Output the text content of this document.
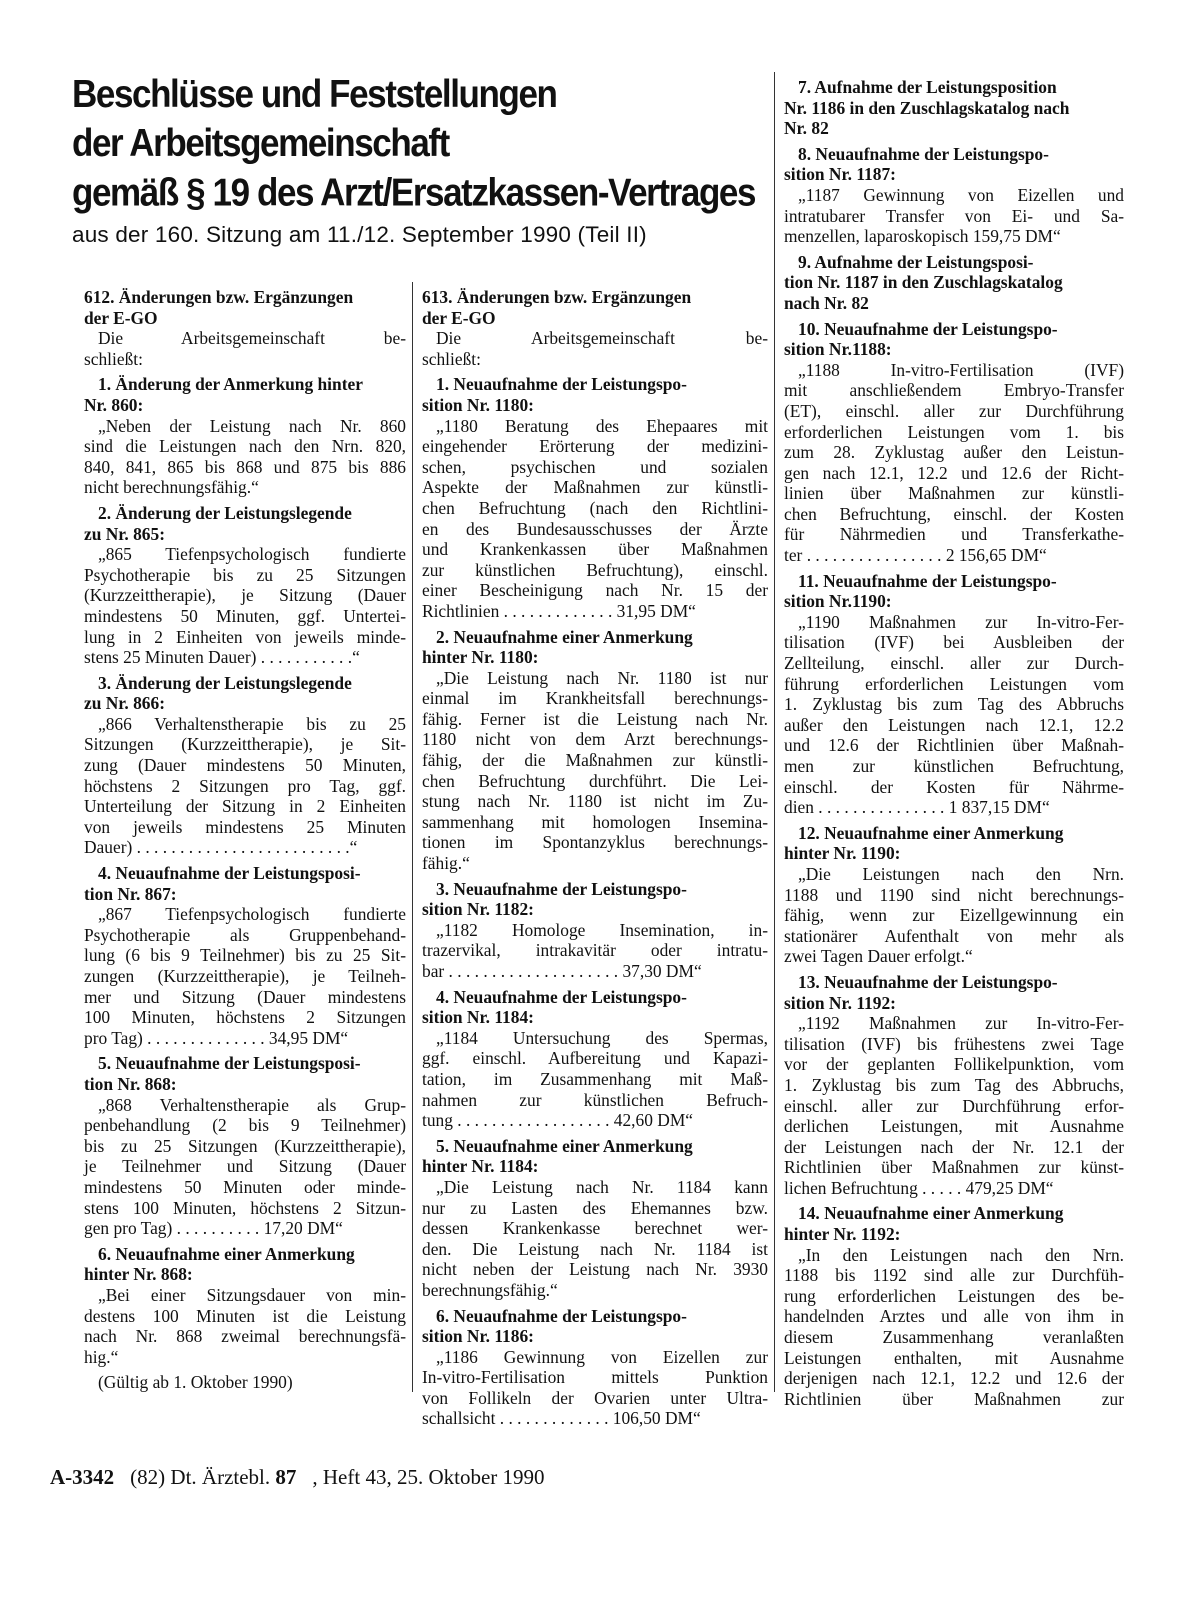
Beschlüsse und Feststellungen
der Arbeitsgemeinschaft
gemäß § 19 des Arzt/Ersatzkassen-Vertrages
aus der 160. Sitzung am 11./12. September 1990 (Teil II)
612. Änderungen bzw. Ergänzungen
der E-GO
Die Arbeitsgemeinschaft be-
schließt:
1. Änderung der Anmerkung hinter
Nr. 860:
„Neben der Leistung nach Nr. 860
sind die Leistungen nach den Nrn. 820,
840, 841, 865 bis 868 und 875 bis 886
nicht berechnungsfähig.“
2. Änderung der Leistungslegende
zu Nr. 865:
„865 Tiefenpsychologisch fundierte
Psychotherapie bis zu 25 Sitzungen
(Kurzzeittherapie), je Sitzung (Dauer
mindestens 50 Minuten, ggf. Untertei-
lung in 2 Einheiten von jeweils minde-
stens 25 Minuten Dauer) . . . . . . . . . . .“
3. Änderung der Leistungslegende
zu Nr. 866:
„866 Verhaltenstherapie bis zu 25
Sitzungen (Kurzzeittherapie), je Sit-
zung (Dauer mindestens 50 Minuten,
höchstens 2 Sitzungen pro Tag, ggf.
Unterteilung der Sitzung in 2 Einheiten
von jeweils mindestens 25 Minuten
Dauer) . . . . . . . . . . . . . . . . . . . . . . . . .“
4. Neuaufnahme der Leistungsposi-
tion Nr. 867:
„867 Tiefenpsychologisch fundierte
Psychotherapie als Gruppenbehand-
lung (6 bis 9 Teilnehmer) bis zu 25 Sit-
zungen (Kurzzeittherapie), je Teilneh-
mer und Sitzung (Dauer mindestens
100 Minuten, höchstens 2 Sitzungen
pro Tag) . . . . . . . . . . . . . . 34,95 DM“
5. Neuaufnahme der Leistungsposi-
tion Nr. 868:
„868 Verhaltenstherapie als Grup-
penbehandlung (2 bis 9 Teilnehmer)
bis zu 25 Sitzungen (Kurzzeittherapie),
je Teilnehmer und Sitzung (Dauer
mindestens 50 Minuten oder minde-
stens 100 Minuten, höchstens 2 Sitzun-
gen pro Tag) . . . . . . . . . . 17,20 DM“
6. Neuaufnahme einer Anmerkung
hinter Nr. 868:
„Bei einer Sitzungsdauer von min-
destens 100 Minuten ist die Leistung
nach Nr. 868 zweimal berechnungsfä-
hig.“
(Gültig ab 1. Oktober 1990)
613. Änderungen bzw. Ergänzungen
der E-GO
Die Arbeitsgemeinschaft be-
schließt:
1. Neuaufnahme der Leistungspo-
sition Nr. 1180:
„1180 Beratung des Ehepaares mit
eingehender Erörterung der medizini-
schen, psychischen und sozialen
Aspekte der Maßnahmen zur künstli-
chen Befruchtung (nach den Richtlini-
en des Bundesausschusses der Ärzte
und Krankenkassen über Maßnahmen
zur künstlichen Befruchtung), einschl.
einer Bescheinigung nach Nr. 15 der
Richtlinien . . . . . . . . . . . . . 31,95 DM“
2. Neuaufnahme einer Anmerkung
hinter Nr. 1180:
„Die Leistung nach Nr. 1180 ist nur
einmal im Krankheitsfall berechnungs-
fähig. Ferner ist die Leistung nach Nr.
1180 nicht von dem Arzt berechnungs-
fähig, der die Maßnahmen zur künstli-
chen Befruchtung durchführt. Die Lei-
stung nach Nr. 1180 ist nicht im Zu-
sammenhang mit homologen Insemina-
tionen im Spontanzyklus berechnungs-
fähig.“
3. Neuaufnahme der Leistungspo-
sition Nr. 1182:
„1182 Homologe Insemination, in-
trazervikal, intrakavitär oder intratu-
bar . . . . . . . . . . . . . . . . . . . . 37,30 DM“
4. Neuaufnahme der Leistungspo-
sition Nr. 1184:
„1184 Untersuchung des Spermas,
ggf. einschl. Aufbereitung und Kapazi-
tation, im Zusammenhang mit Maß-
nahmen zur künstlichen Befruch-
tung . . . . . . . . . . . . . . . . . . 42,60 DM“
5. Neuaufnahme einer Anmerkung
hinter Nr. 1184:
„Die Leistung nach Nr. 1184 kann
nur zu Lasten des Ehemannes bzw.
dessen Krankenkasse berechnet wer-
den. Die Leistung nach Nr. 1184 ist
nicht neben der Leistung nach Nr. 3930
berechnungsfähig.“
6. Neuaufnahme der Leistungspo-
sition Nr. 1186:
„1186 Gewinnung von Eizellen zur
In-vitro-Fertilisation mittels Punktion
von Follikeln der Ovarien unter Ultra-
schallsicht . . . . . . . . . . . . . 106,50 DM“
7. Aufnahme der Leistungsposition
Nr. 1186 in den Zuschlagskatalog nach
Nr. 82
8. Neuaufnahme der Leistungspo-
sition Nr. 1187:
„1187 Gewinnung von Eizellen und
intratubarer Transfer von Ei- und Sa-
menzellen, laparoskopisch 159,75 DM“
9. Aufnahme der Leistungsposi-
tion Nr. 1187 in den Zuschlagskatalog
nach Nr. 82
10. Neuaufnahme der Leistungspo-
sition Nr.1188:
„1188 In-vitro-Fertilisation (IVF)
mit anschließendem Embryo-Transfer
(ET), einschl. aller zur Durchführung
erforderlichen Leistungen vom 1. bis
zum 28. Zyklustag außer den Leistun-
gen nach 12.1, 12.2 und 12.6 der Richt-
linien über Maßnahmen zur künstli-
chen Befruchtung, einschl. der Kosten
für Nährmedien und Transferkathe-
ter . . . . . . . . . . . . . . . . 2 156,65 DM“
11. Neuaufnahme der Leistungspo-
sition Nr.1190:
„1190 Maßnahmen zur In-vitro-Fer-
tilisation (IVF) bei Ausbleiben der
Zellteilung, einschl. aller zur Durch-
führung erforderlichen Leistungen vom
1. Zyklustag bis zum Tag des Abbruchs
außer den Leistungen nach 12.1, 12.2
und 12.6 der Richtlinien über Maßnah-
men zur künstlichen Befruchtung,
einschl. der Kosten für Nährme-
dien . . . . . . . . . . . . . . . 1 837,15 DM“
12. Neuaufnahme einer Anmerkung
hinter Nr. 1190:
„Die Leistungen nach den Nrn.
1188 und 1190 sind nicht berechnungs-
fähig, wenn zur Eizellgewinnung ein
stationärer Aufenthalt von mehr als
zwei Tagen Dauer erfolgt.“
13. Neuaufnahme der Leistungspo-
sition Nr. 1192:
„1192 Maßnahmen zur In-vitro-Fer-
tilisation (IVF) bis frühestens zwei Tage
vor der geplanten Follikelpunktion, vom
1. Zyklustag bis zum Tag des Abbruchs,
einschl. aller zur Durchführung erfor-
derlichen Leistungen, mit Ausnahme
der Leistungen nach der Nr. 12.1 der
Richtlinien über Maßnahmen zur künst-
lichen Befruchtung . . . . . 479,25 DM“
14. Neuaufnahme einer Anmerkung
hinter Nr. 1192:
„In den Leistungen nach den Nrn.
1188 bis 1192 sind alle zur Durchfüh-
rung erforderlichen Leistungen des be-
handelnden Arztes und alle von ihm in
diesem Zusammenhang veranlaßten
Leistungen enthalten, mit Ausnahme
derjenigen nach 12.1, 12.2 und 12.6 der
Richtlinien über Maßnahmen zur
A-3342 (82) Dt. Ärztebl. 87 , Heft 43, 25. Oktober 1990
